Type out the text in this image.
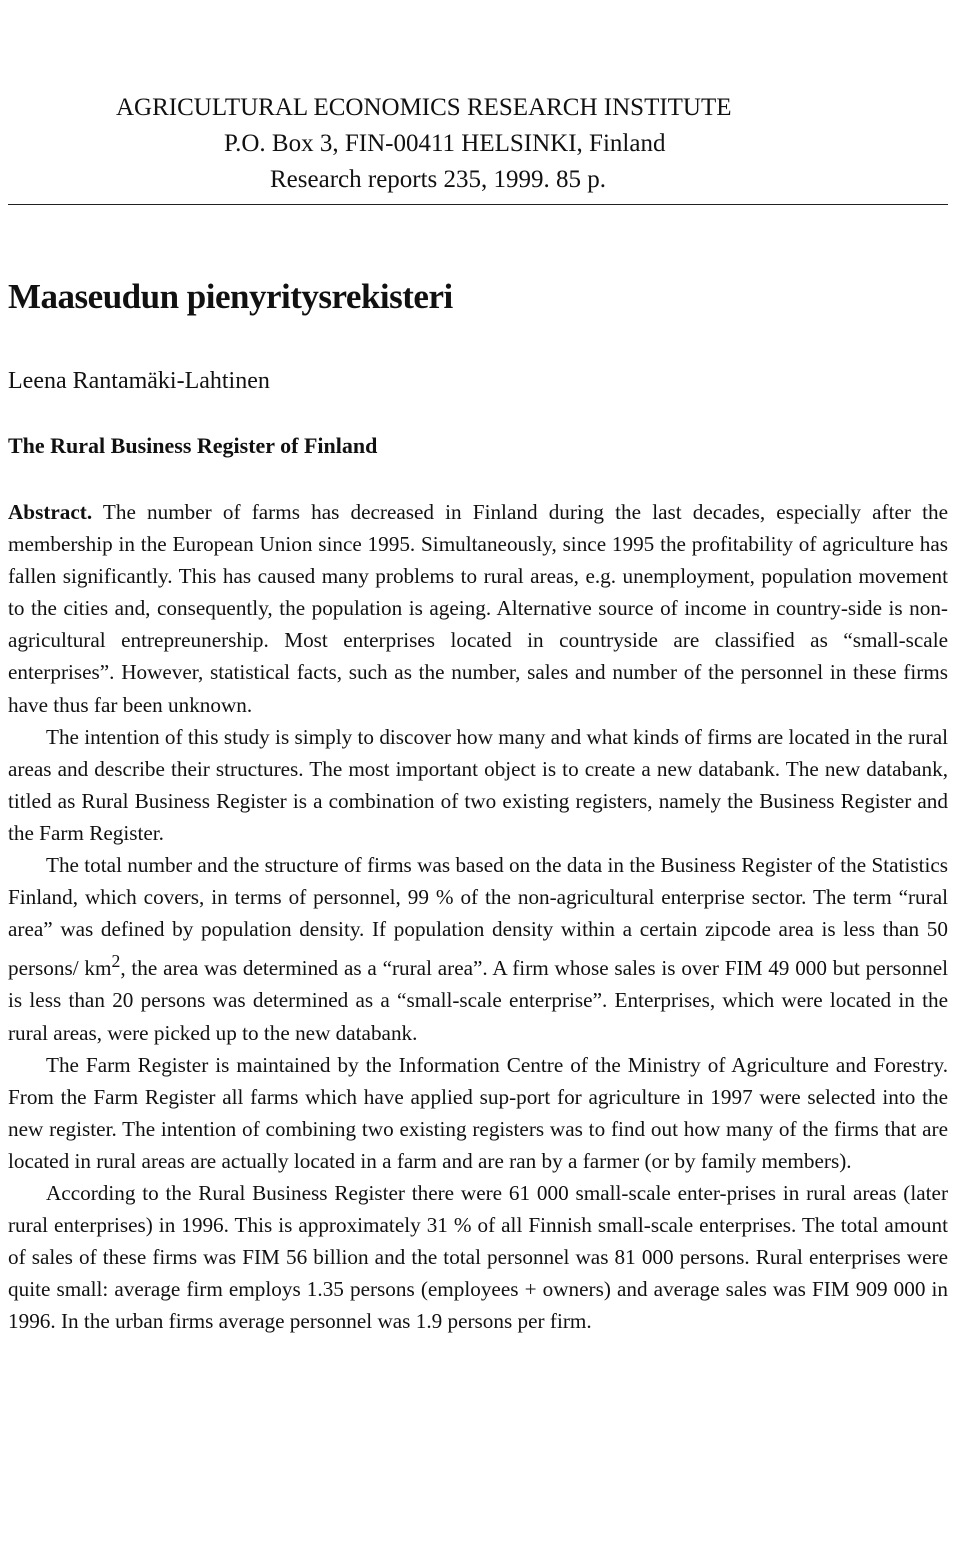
AGRICULTURAL ECONOMICS RESEARCH INSTITUTE
P.O. Box 3, FIN-00411 HELSINKI, Finland
Research reports 235, 1999. 85 p.
Maaseudun pienyritysrekisteri
Leena Rantamäki-Lahtinen
The Rural Business Register of Finland

Abstract. The number of farms has decreased in Finland during the last decades, especially after the membership in the European Union since 1995. Simultaneously, since 1995 the profitability of agriculture has fallen significantly. This has caused many problems to rural areas, e.g. unemployment, population movement to the cities and, consequently, the population is ageing. Alternative source of income in country-side is non-agricultural entrepreunership. Most enterprises located in countryside are classified as “small-scale enterprises”. However, statistical facts, such as the number, sales and number of the personnel in these firms have thus far been unknown.

The intention of this study is simply to discover how many and what kinds of firms are located in the rural areas and describe their structures. The most important object is to create a new databank. The new databank, titled as Rural Business Register is a combination of two existing registers, namely the Business Register and the Farm Register.

The total number and the structure of firms was based on the data in the Business Register of the Statistics Finland, which covers, in terms of personnel, 99 % of the non-agricultural enterprise sector. The term “rural area” was defined by population density. If population density within a certain zipcode area is less than 50 persons/ $km^2$, the area was determined as a “rural area”. A firm whose sales is over FIM 49 000 but personnel is less than 20 persons was determined as a “small-scale enterprise”. Enterprises, which were located in the rural areas, were picked up to the new databank.

The Farm Register is maintained by the Information Centre of the Ministry of Agriculture and Forestry. From the Farm Register all farms which have applied sup-port for agriculture in 1997 were selected into the new register. The intention of combining two existing registers was to find out how many of the firms that are located in rural areas are actually located in a farm and are ran by a farmer (or by family members).

According to the Rural Business Register there were 61 000 small-scale enter-prises in rural areas (later rural enterprises) in 1996. This is approximately 31 % of all Finnish small-scale enterprises. The total amount of sales of these firms was FIM 56 billion and the total personnel was 81 000 persons. Rural enterprises were quite small: average firm employs 1.35 persons (employees + owners) and average sales was FIM 909 000 in 1996. In the urban firms average personnel was 1.9 persons per firm.
